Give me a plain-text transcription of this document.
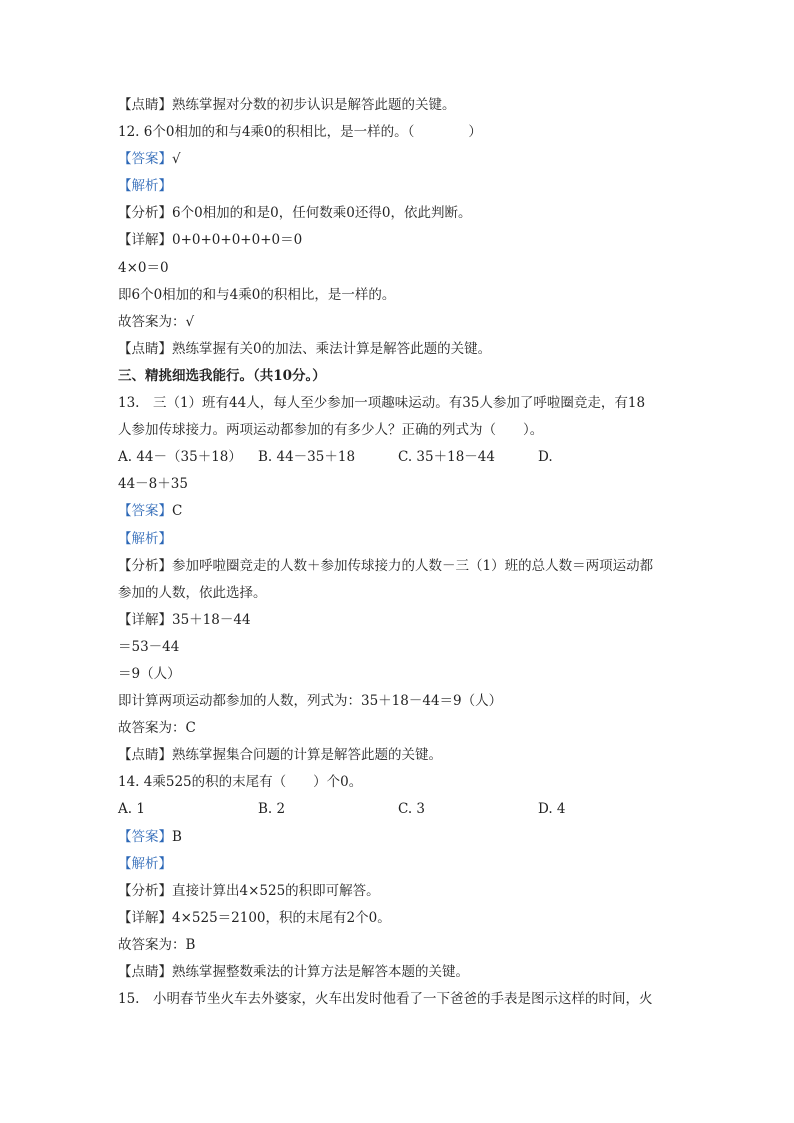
【点睛】熟练掌握对分数的初步认识是解答此题的关键。
12. 6个0相加的和与4乘0的积相比，是一样的。（　　　　）
【答案】√
【解析】
【分析】6个0相加的和是0，任何数乘0还得0，依此判断。
【详解】0+0+0+0+0+0＝0
4×0＝0
即6个0相加的和与4乘0的积相比，是一样的。
故答案为：√
【点睛】熟练掌握有关0的加法、乘法计算是解答此题的关键。
三、精挑细选我能行。（共10分。）
13.　三（1）班有44人，每人至少参加一项趣味运动。有35人参加了呼啦圈竞走，有18
人参加传球接力。两项运动都参加的有多少人？正确的列式为（　　）。
A. 44－（35＋18）	B. 44－35＋18	C. 35＋18－44	D.
44－8＋35
【答案】C
【解析】
【分析】参加呼啦圈竞走的人数＋参加传球接力的人数－三（1）班的总人数＝两项运动都
参加的人数，依此选择。
【详解】35＋18－44
＝53－44
＝9（人）
即计算两项运动都参加的人数，列式为：35＋18－44＝9（人）
故答案为：C
【点睛】熟练掌握集合问题的计算是解答此题的关键。
14. 4乘525的积的末尾有（　　）个0。
A. 1	B. 2	C. 3	D. 4
【答案】B
【解析】
【分析】直接计算出4×525的积即可解答。
【详解】4×525＝2100，积的末尾有2个0。
故答案为：B
【点睛】熟练掌握整数乘法的计算方法是解答本题的关键。
15.　小明春节坐火车去外婆家，火车出发时他看了一下爸爸的手表是图示这样的时间，火
